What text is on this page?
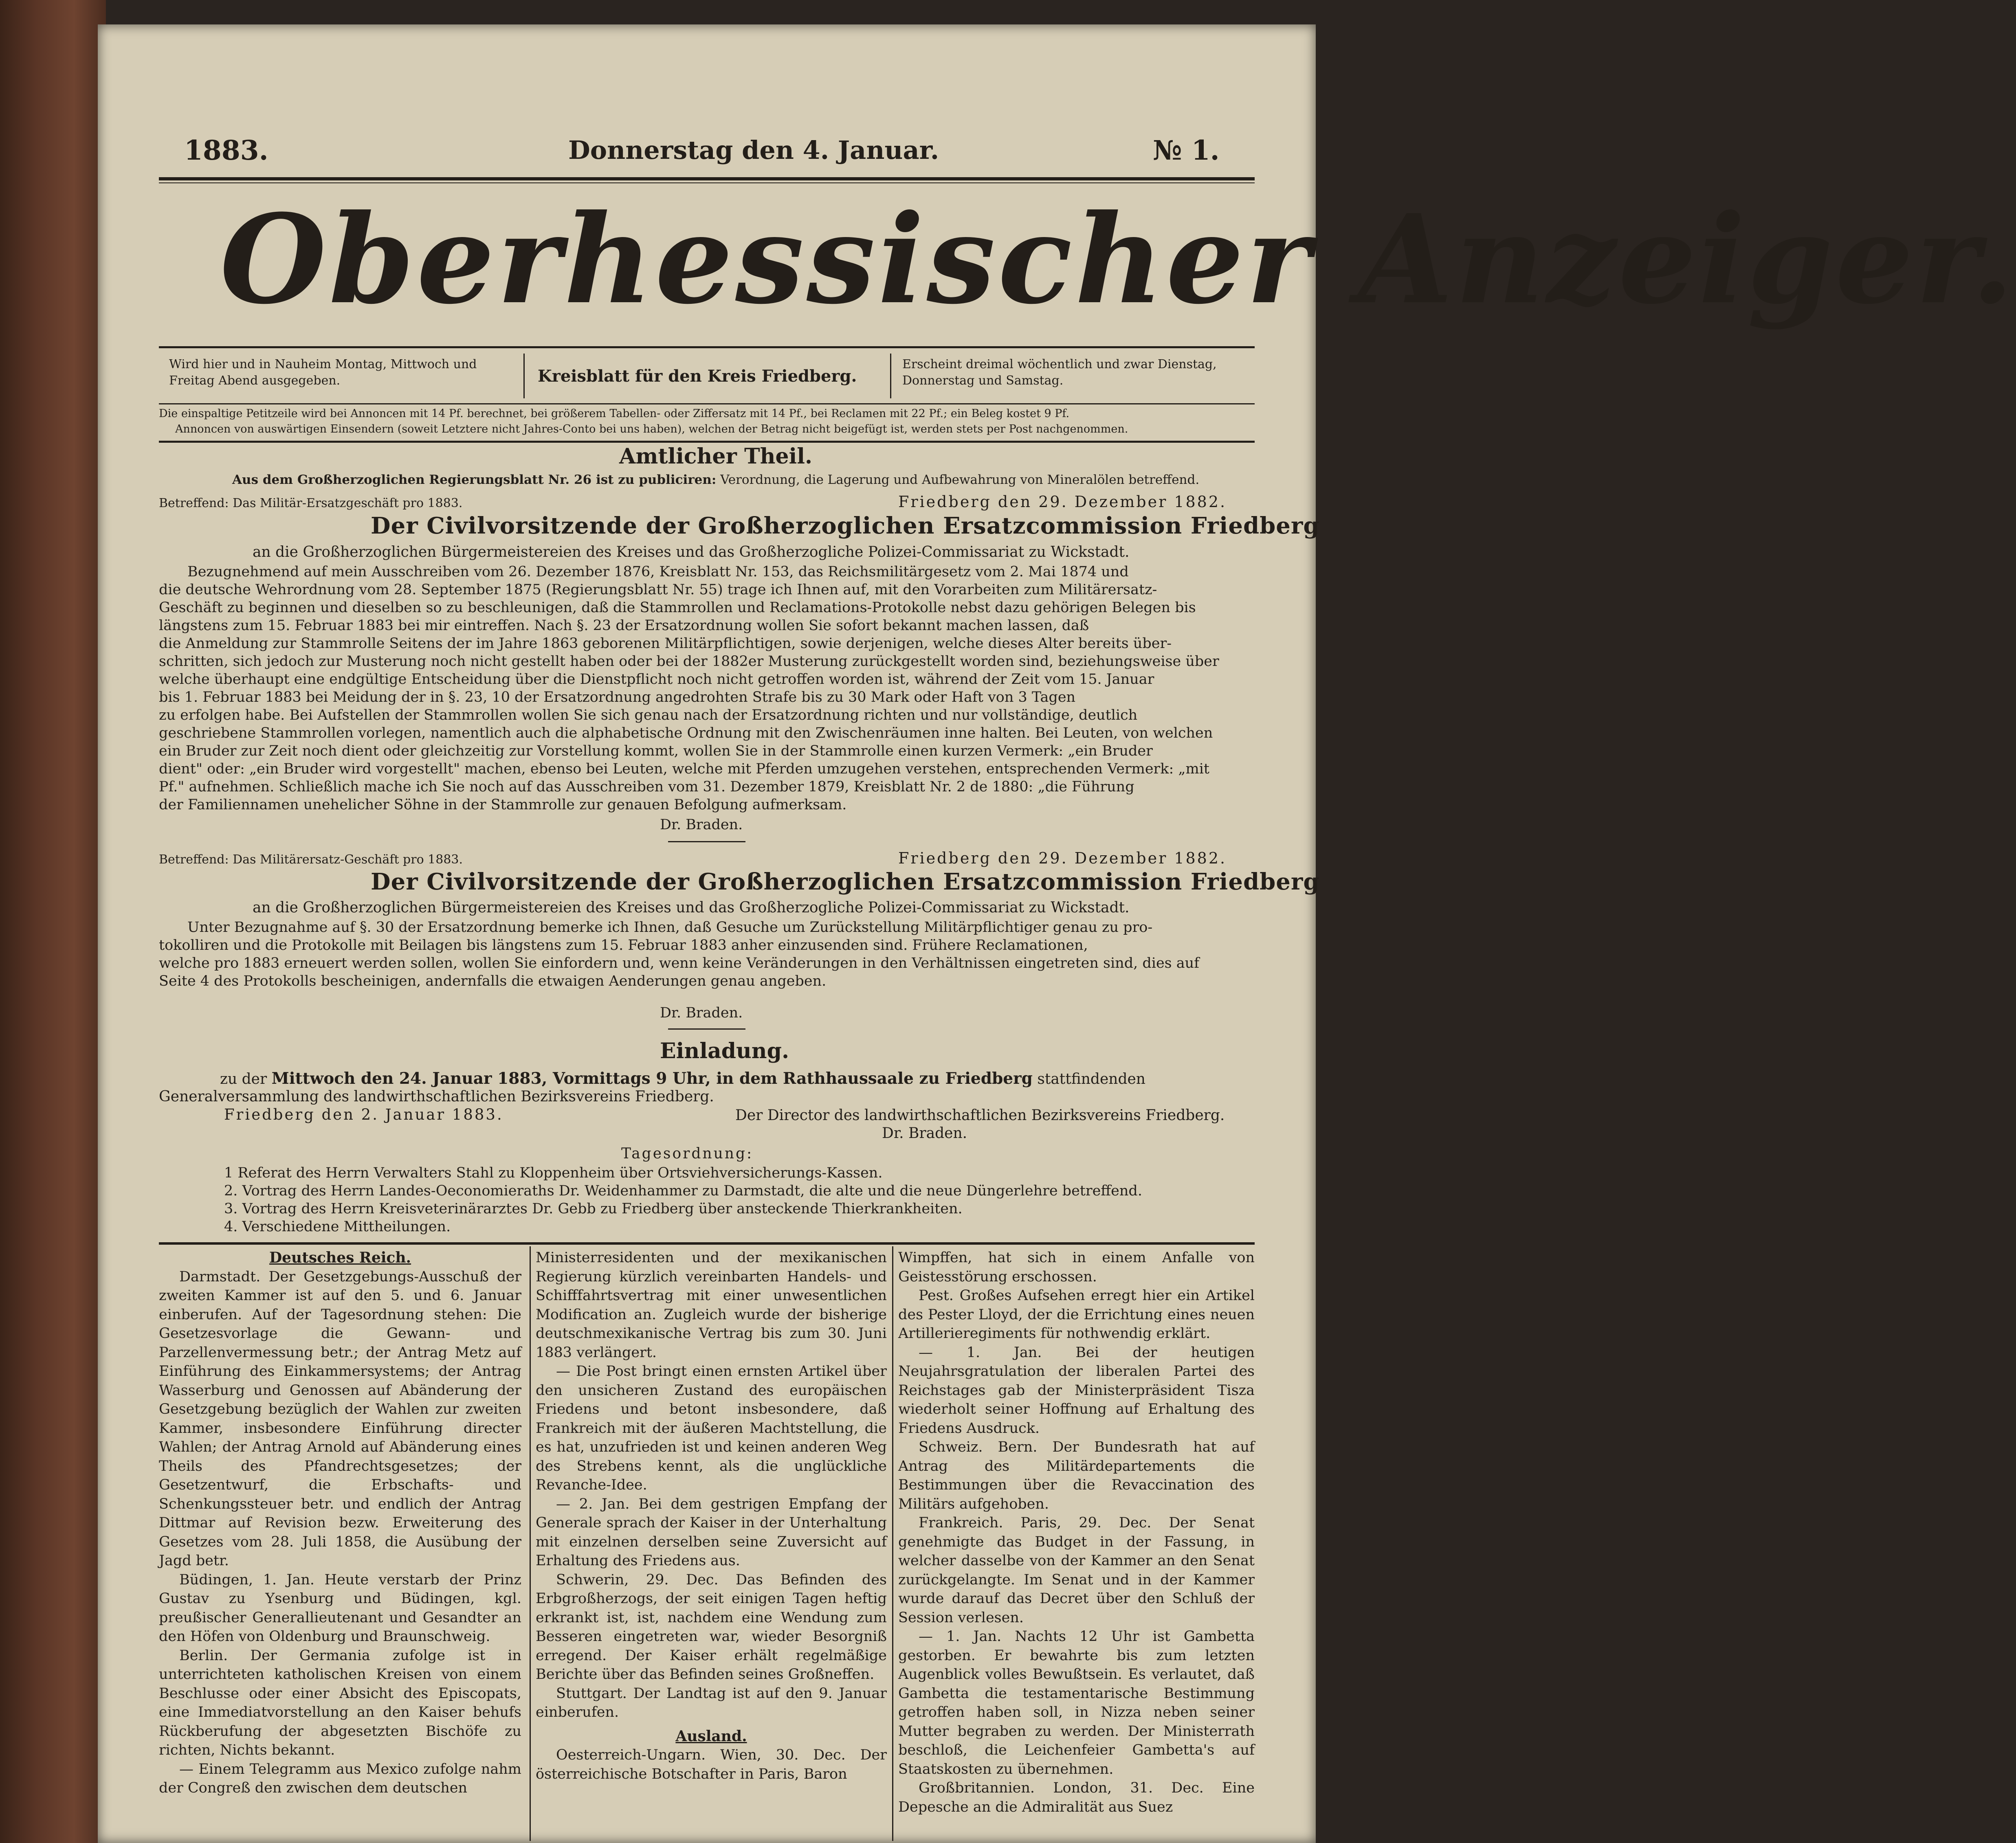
1883.	Donnerstag den 4. Januar.	№ 1.
Oberhessischer Anzeiger.
Wird hier und in Nauheim Montag, Mittwoch und Freitag Abend ausgegeben.	Kreisblatt für den Kreis Friedberg.
Erscheint dreimal wöchentlich und zwar Dienstag, Donnerstag und Samstag.
Die einspaltige Petitzeile wird bei Annoncen mit 14 Pf. berechnet, bei größerem Tabellen- oder Ziffersatz mit 14 Pf., bei Reclamen mit 22 Pf.; ein Beleg kostet 9 Pf.
Annoncen von auswärtigen Einsendern (soweit Letztere nicht Jahres-Conto bei uns haben), welchen der Betrag nicht beigefügt ist, werden stets per Post nachgenommen.
Amtlicher Theil.
Aus dem Großherzoglichen Regierungsblatt Nr. 26 ist zu publiciren: Verordnung, die Lagerung und Aufbewahrung von Mineralölen betreffend.
Betreffend: Das Militär-Ersatzgeschäft pro 1883.	Friedberg den 29. Dezember 1882.
Der Civilvorsitzende der Großherzoglichen Ersatzcommission Friedberg
an die Großherzoglichen Bürgermeistereien des Kreises und das Großherzogliche Polizei-Commissariat zu Wickstadt.
Bezugnehmend auf mein Ausschreiben vom 26. Dezember 1876, Kreisblatt Nr. 153, das Reichsmilitärgesetz vom 2. Mai 1874 und
die deutsche Wehrordnung vom 28. September 1875 (Regierungsblatt Nr. 55) trage ich Ihnen auf, mit den Vorarbeiten zum Militärersatz-
Geschäft zu beginnen und dieselben so zu beschleunigen, daß die Stammrollen und Reclamations-Protokolle nebst dazu gehörigen Belegen bis
längstens zum 15. Februar 1883 bei mir eintreffen. Nach §. 23 der Ersatzordnung wollen Sie sofort bekannt machen lassen, daß
die Anmeldung zur Stammrolle Seitens der im Jahre 1863 geborenen Militärpflichtigen, sowie derjenigen, welche dieses Alter bereits über-
schritten, sich jedoch zur Musterung noch nicht gestellt haben oder bei der 1882er Musterung zurückgestellt worden sind, beziehungsweise über
welche überhaupt eine endgültige Entscheidung über die Dienstpflicht noch nicht getroffen worden ist, während der Zeit vom 15. Januar
bis 1. Februar 1883 bei Meidung der in §. 23, 10 der Ersatzordnung angedrohten Strafe bis zu 30 Mark oder Haft von 3 Tagen
zu erfolgen habe. Bei Aufstellen der Stammrollen wollen Sie sich genau nach der Ersatzordnung richten und nur vollständige, deutlich
geschriebene Stammrollen vorlegen, namentlich auch die alphabetische Ordnung mit den Zwischenräumen inne halten. Bei Leuten, von welchen
ein Bruder zur Zeit noch dient oder gleichzeitig zur Vorstellung kommt, wollen Sie in der Stammrolle einen kurzen Vermerk: „ein Bruder
dient" oder: „ein Bruder wird vorgestellt" machen, ebenso bei Leuten, welche mit Pferden umzugehen verstehen, entsprechenden Vermerk: „mit
Pf." aufnehmen. Schließlich mache ich Sie noch auf das Ausschreiben vom 31. Dezember 1879, Kreisblatt Nr. 2 de 1880: „die Führung
der Familiennamen unehelicher Söhne in der Stammrolle zur genauen Befolgung aufmerksam.
Dr. Braden.
Betreffend: Das Militärersatz-Geschäft pro 1883.	Friedberg den 29. Dezember 1882.
Der Civilvorsitzende der Großherzoglichen Ersatzcommission Friedberg
an die Großherzoglichen Bürgermeistereien des Kreises und das Großherzogliche Polizei-Commissariat zu Wickstadt.
Unter Bezugnahme auf §. 30 der Ersatzordnung bemerke ich Ihnen, daß Gesuche um Zurückstellung Militärpflichtiger genau zu pro-
tokolliren und die Protokolle mit Beilagen bis längstens zum 15. Februar 1883 anher einzusenden sind. Frühere Reclamationen,
welche pro 1883 erneuert werden sollen, wollen Sie einfordern und, wenn keine Veränderungen in den Verhältnissen eingetreten sind, dies auf
Seite 4 des Protokolls bescheinigen, andernfalls die etwaigen Aenderungen genau angeben.
Dr. Braden.
Einladung.
zu der Mittwoch den 24. Januar 1883, Vormittags 9 Uhr, in dem Rathhaussaale zu Friedberg stattfindenden
Generalversammlung des landwirthschaftlichen Bezirksvereins Friedberg.
Friedberg den 2. Januar 1883.	Der Director des landwirthschaftlichen Bezirksvereins Friedberg.
Dr. Braden.
Tagesordnung:
1 Referat des Herrn Verwalters Stahl zu Kloppenheim über Ortsviehversicherungs-Kassen.
2. Vortrag des Herrn Landes-Oeconomieraths Dr. Weidenhammer zu Darmstadt, die alte und die neue Düngerlehre betreffend.
3. Vortrag des Herrn Kreisveterinärarztes Dr. Gebb zu Friedberg über ansteckende Thierkrankheiten.
4. Verschiedene Mittheilungen.
Deutsches Reich.

Darmstadt. Der Gesetzgebungs-Ausschuß der zweiten Kammer ist auf den 5. und 6. Januar einberufen. Auf der Tagesordnung stehen: Die Gesetzesvorlage die Gewann- und Parzellenvermessung betr.; der Antrag Metz auf Einführung des Einkammersystems; der Antrag Wasserburg und Genossen auf Abänderung der Gesetzgebung bezüglich der Wahlen zur zweiten Kammer, insbesondere Einführung directer Wahlen; der Antrag Arnold auf Abänderung eines Theils des Pfandrechtsgesetzes; der Gesetzentwurf, die Erbschafts- und Schenkungssteuer betr. und endlich der Antrag Dittmar auf Revision bezw. Erweiterung des Gesetzes vom 28. Juli 1858, die Ausübung der Jagd betr.

Büdingen, 1. Jan. Heute verstarb der Prinz Gustav zu Ysenburg und Büdingen, kgl. preußischer Generallieutenant und Gesandter an den Höfen von Oldenburg und Braunschweig.

Berlin. Der Germania zufolge ist in unterrichteten katholischen Kreisen von einem Beschlusse oder einer Absicht des Episcopats, eine Immediatvorstellung an den Kaiser behufs Rückberufung der abgesetzten Bischöfe zu richten, Nichts bekannt.

— Einem Telegramm aus Mexico zufolge nahm der Congreß den zwischen dem deutschen

Ministerresidenten und der mexikanischen Regierung kürzlich vereinbarten Handels- und Schifffahrtsvertrag mit einer unwesentlichen Modification an. Zugleich wurde der bisherige deutschmexikanische Vertrag bis zum 30. Juni 1883 verlängert.

— Die Post bringt einen ernsten Artikel über den unsicheren Zustand des europäischen Friedens und betont insbesondere, daß Frankreich mit der äußeren Machtstellung, die es hat, unzufrieden ist und keinen anderen Weg des Strebens kennt, als die unglückliche Revanche-Idee.

— 2. Jan. Bei dem gestrigen Empfang der Generale sprach der Kaiser in der Unterhaltung mit einzelnen derselben seine Zuversicht auf Erhaltung des Friedens aus.

Schwerin, 29. Dec. Das Befinden des Erbgroßherzogs, der seit einigen Tagen heftig erkrankt ist, ist, nachdem eine Wendung zum Besseren eingetreten war, wieder Besorgniß erregend. Der Kaiser erhält regelmäßige Berichte über das Befinden seines Großneffen.

Stuttgart. Der Landtag ist auf den 9. Januar einberufen.

Ausland.

Oesterreich-Ungarn. Wien, 30. Dec. Der österreichische Botschafter in Paris, Baron

Wimpffen, hat sich in einem Anfalle von Geistesstörung erschossen.

Pest. Großes Aufsehen erregt hier ein Artikel des Pester Lloyd, der die Errichtung eines neuen Artillerieregiments für nothwendig erklärt.

— 1. Jan. Bei der heutigen Neujahrsgratulation der liberalen Partei des Reichstages gab der Ministerpräsident Tisza wiederholt seiner Hoffnung auf Erhaltung des Friedens Ausdruck.

Schweiz. Bern. Der Bundesrath hat auf Antrag des Militärdepartements die Bestimmungen über die Revaccination des Militärs aufgehoben.

Frankreich. Paris, 29. Dec. Der Senat genehmigte das Budget in der Fassung, in welcher dasselbe von der Kammer an den Senat zurückgelangte. Im Senat und in der Kammer wurde darauf das Decret über den Schluß der Session verlesen.

— 1. Jan. Nachts 12 Uhr ist Gambetta gestorben. Er bewahrte bis zum letzten Augenblick volles Bewußtsein. Es verlautet, daß Gambetta die testamentarische Bestimmung getroffen haben soll, in Nizza neben seiner Mutter begraben zu werden. Der Ministerrath beschloß, die Leichenfeier Gambetta's auf Staatskosten zu übernehmen.

Großbritannien. London, 31. Dec. Eine Depesche an die Admiralität aus Suez
